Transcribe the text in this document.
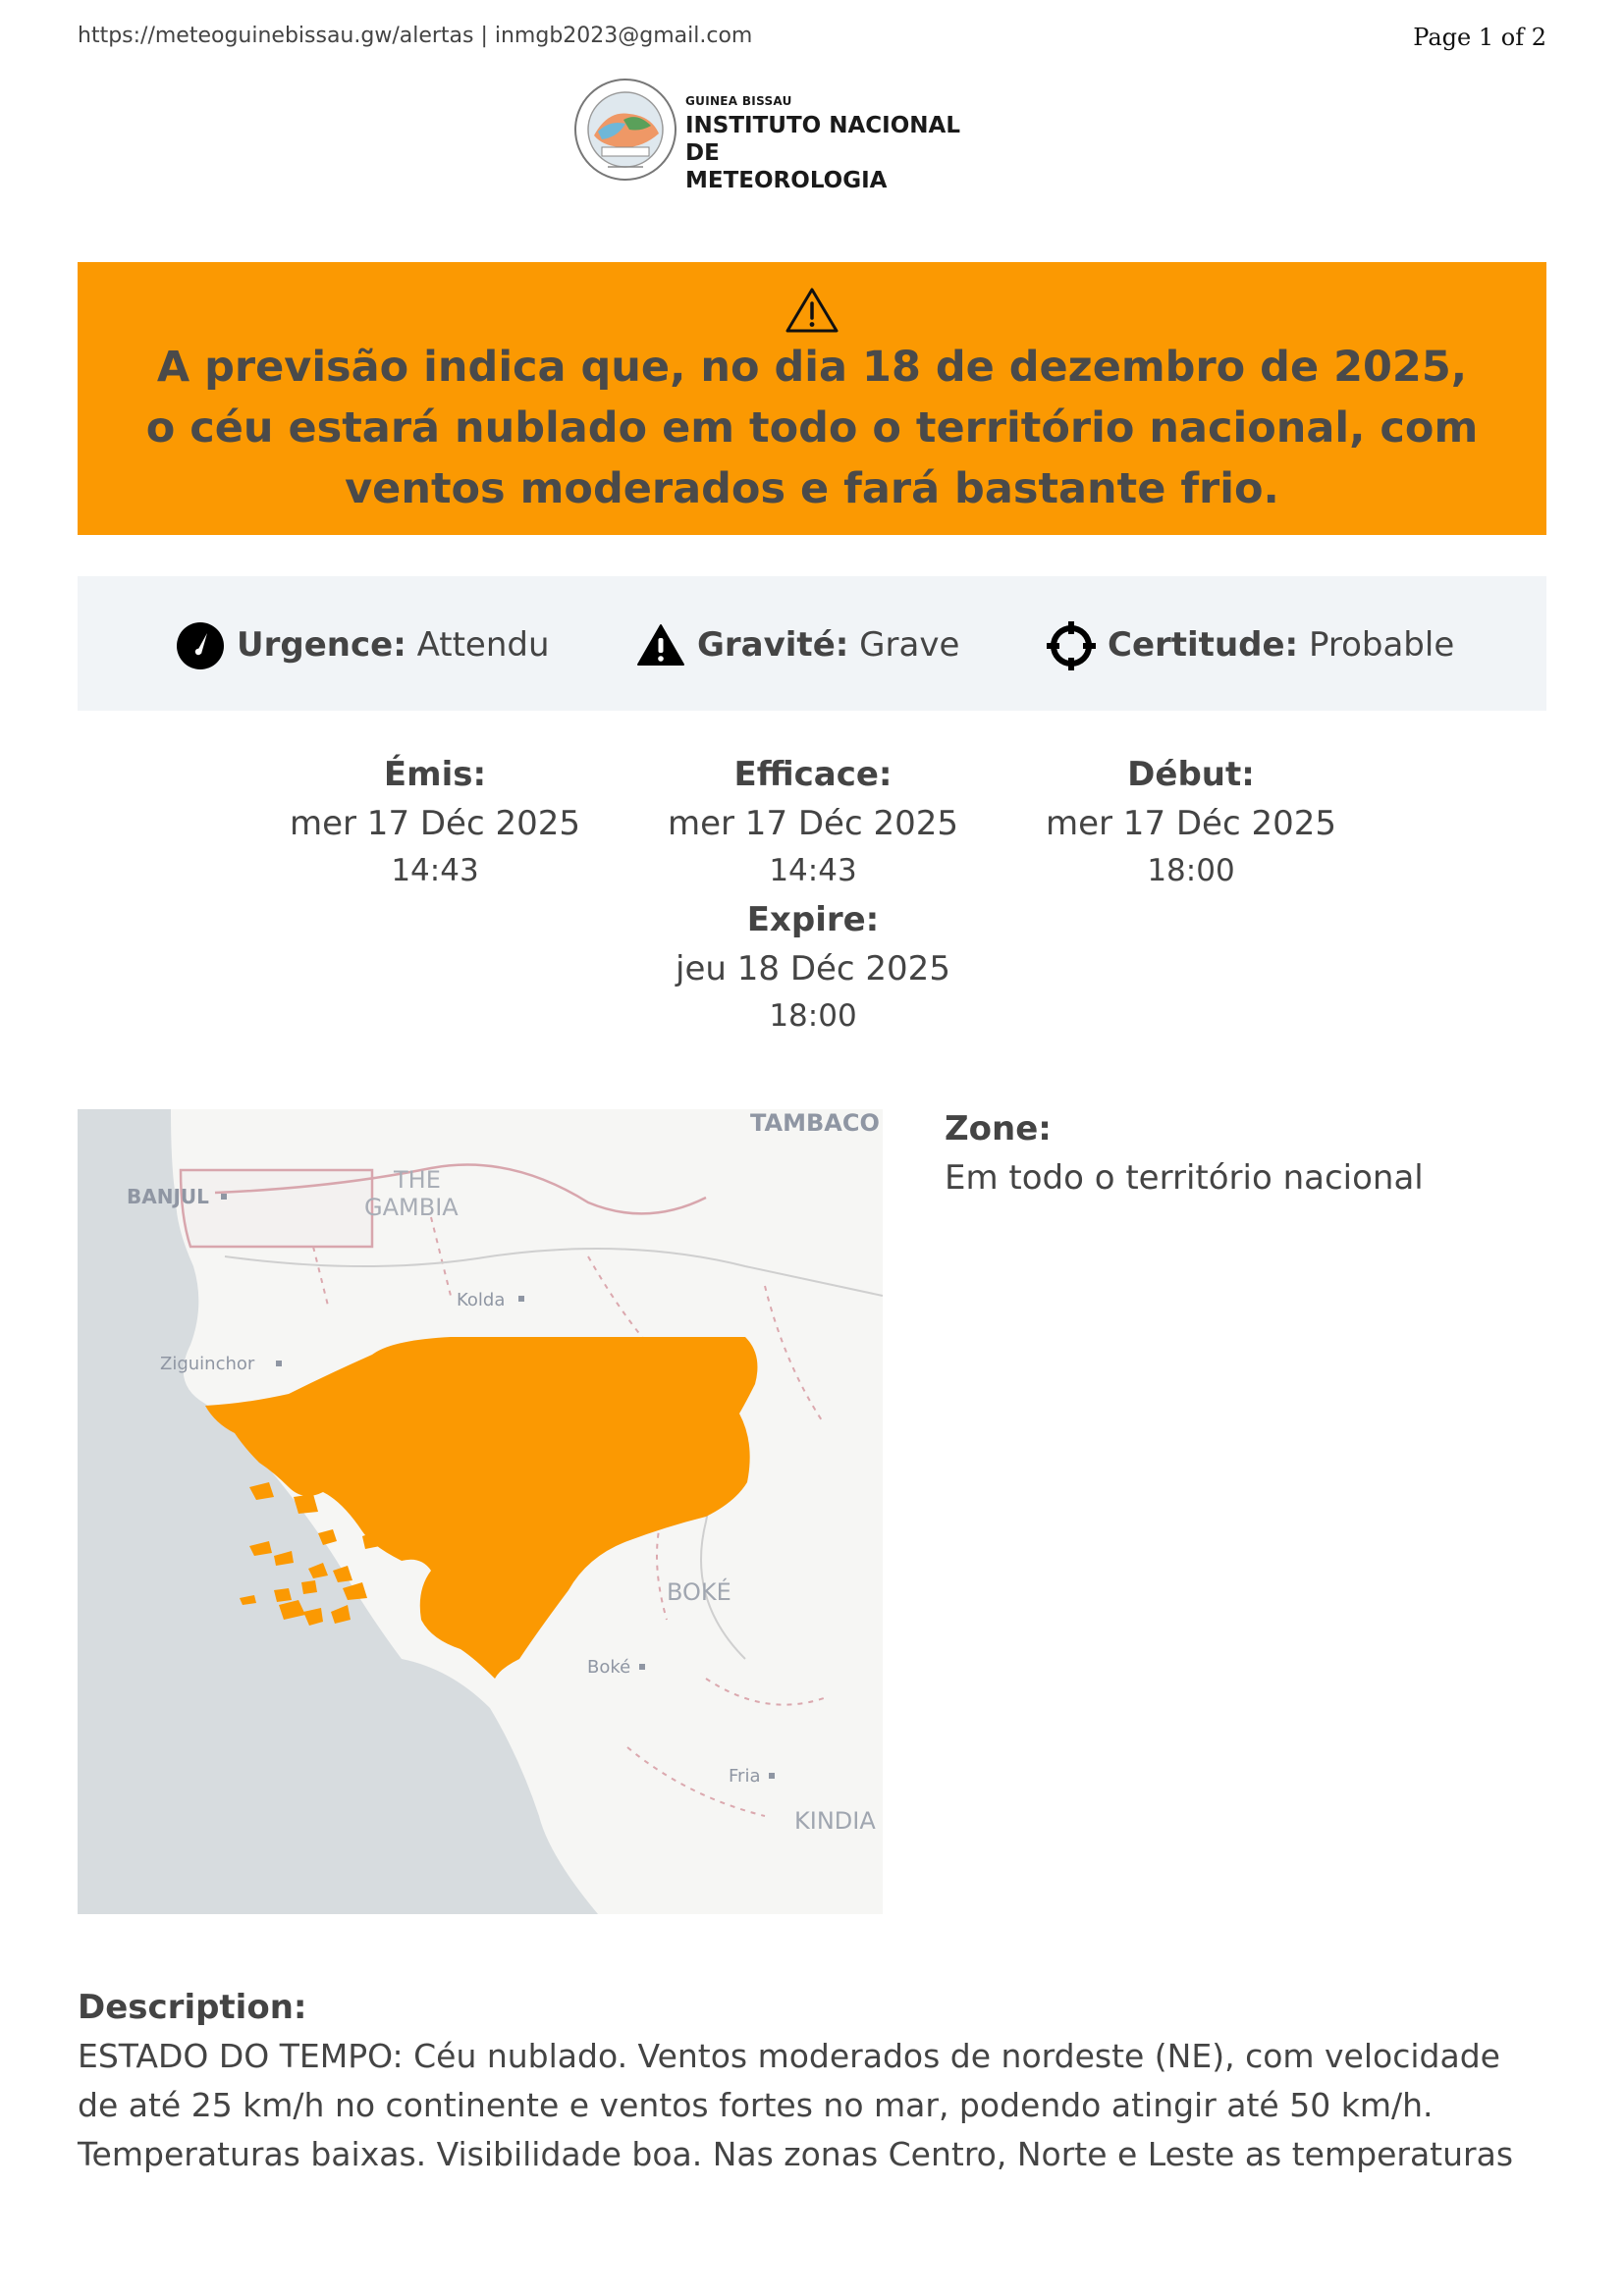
https://meteoguinebissau.gw/alertas | inmgb2023@gmail.com	Page 1 of 2
GUINEA BISSAU
INSTITUTO NACIONAL DE
METEOROLOGIA
A previsão indica que, no dia 18 de dezembro de 2025, o céu estará nublado em todo o território nacional, com ventos moderados e fará bastante frio.
Urgence: Attendu	Gravité: Grave	Certitude: Probable
Émis:
mer 17 Déc 2025
14:43
Efficace:
mer 17 Déc 2025
14:43
Début:
mer 17 Déc 2025
18:00
Expire:
jeu 18 Déc 2025
18:00
TAMBACO
BANJUL
THE
GAMBIA
Kolda
Ziguinchor
BOKÉ
Boké
Fria
KINDIA
Zone:
Em todo o território nacional
Description:
ESTADO DO TEMPO: Céu nublado. Ventos moderados de nordeste (NE), com velocidade
de até 25 km/h no continente e ventos fortes no mar, podendo atingir até 50 km/h.
Temperaturas baixas. Visibilidade boa. Nas zonas Centro, Norte e Leste as temperaturas
